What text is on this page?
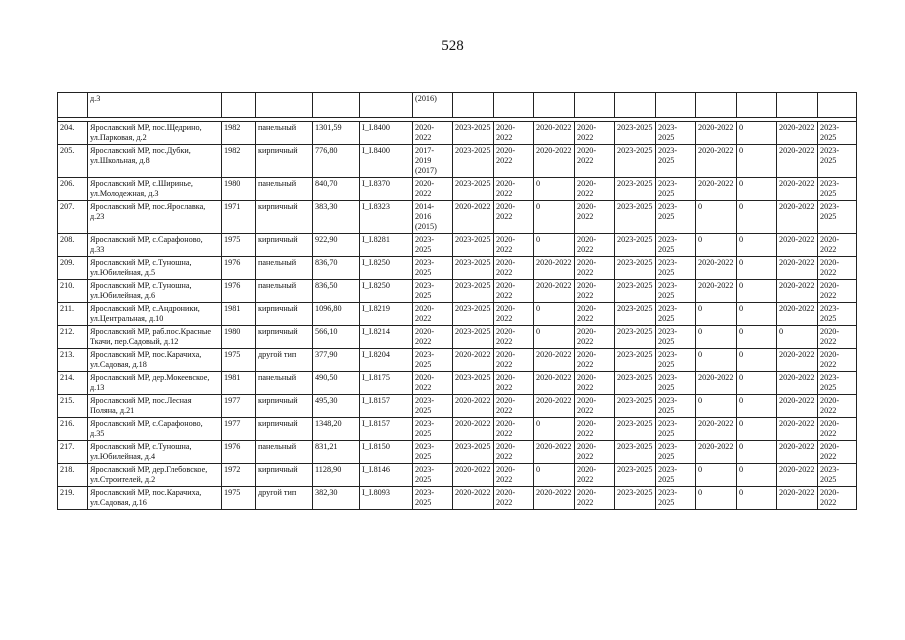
528
	д.3					(2016)										

204.	Ярославский МР, пос.Щедрино, ул.Парковая, д.2	1982	панельный	1301,59	I_I.8400	2020-2022	2023-2025	2020-2022	2020-2022	2020-2022	2023-2025	2023-2025	2020-2022	0	2020-2022	2023-2025
205.	Ярославский МР, пос.Дубки, ул.Школьная, д.8	1982	кирпичный	776,80	I_I.8400	2017-2019 (2017)	2023-2025	2020-2022	2020-2022	2020-2022	2023-2025	2023-2025	2020-2022	0	2020-2022	2023-2025
206.	Ярославский МР, с.Ширинье, ул.Молодежная, д.3	1980	панельный	840,70	I_I.8370	2020-2022	2023-2025	2020-2022	0	2020-2022	2023-2025	2023-2025	2020-2022	0	2020-2022	2023-2025
207.	Ярославский МР, пос.Ярославка, д.23	1971	кирпичный	383,30	I_I.8323	2014-2016 (2015)	2020-2022	2020-2022	0	2020-2022	2023-2025	2023-2025	0	0	2020-2022	2023-2025
208.	Ярославский МР, с.Сарафоново, д.33	1975	кирпичный	922,90	I_I.8281	2023-2025	2023-2025	2020-2022	0	2020-2022	2023-2025	2023-2025	0	0	2020-2022	2020-2022
209.	Ярославский МР, с.Туношна, ул.Юбилейная, д.5	1976	панельный	836,70	I_I.8250	2023-2025	2023-2025	2020-2022	2020-2022	2020-2022	2023-2025	2023-2025	2020-2022	0	2020-2022	2020-2022
210.	Ярославский МР, с.Туношна, ул.Юбилейная, д.6	1976	панельный	836,50	I_I.8250	2023-2025	2023-2025	2020-2022	2020-2022	2020-2022	2023-2025	2023-2025	2020-2022	0	2020-2022	2020-2022
211.	Ярославский МР, с.Андроники, ул.Центральная, д.10	1981	кирпичный	1096,80	I_I.8219	2020-2022	2023-2025	2020-2022	0	2020-2022	2023-2025	2023-2025	0	0	2020-2022	2023-2025
212.	Ярославский МР, раб.пос.Красные Ткачи, пер.Садовый, д.12	1980	кирпичный	566,10	I_I.8214	2020-2022	2023-2025	2020-2022	0	2020-2022	2023-2025	2023-2025	0	0	0	2020-2022
213.	Ярославский МР, пос.Карачиха, ул.Садовая, д.18	1975	другой тип	377,90	I_I.8204	2023-2025	2020-2022	2020-2022	2020-2022	2020-2022	2023-2025	2023-2025	0	0	2020-2022	2020-2022
214.	Ярославский МР, дер.Мокеевское, д.13	1981	панельный	490,50	I_I.8175	2020-2022	2023-2025	2020-2022	2020-2022	2020-2022	2023-2025	2023-2025	2020-2022	0	2020-2022	2023-2025
215.	Ярославский МР, пос.Лесная Поляна, д.21	1977	кирпичный	495,30	I_I.8157	2023-2025	2020-2022	2020-2022	2020-2022	2020-2022	2023-2025	2023-2025	0	0	2020-2022	2020-2022
216.	Ярославский МР, с.Сарафоново, д.35	1977	кирпичный	1348,20	I_I.8157	2023-2025	2020-2022	2020-2022	0	2020-2022	2023-2025	2023-2025	2020-2022	0	2020-2022	2020-2022
217.	Ярославский МР, с.Туношна, ул.Юбилейная, д.4	1976	панельный	831,21	I_I.8150	2023-2025	2023-2025	2020-2022	2020-2022	2020-2022	2023-2025	2023-2025	2020-2022	0	2020-2022	2020-2022
218.	Ярославский МР, дер.Глебовское, ул.Строителей, д.2	1972	кирпичный	1128,90	I_I.8146	2023-2025	2020-2022	2020-2022	0	2020-2022	2023-2025	2023-2025	0	0	2020-2022	2023-2025
219.	Ярославский МР, пос.Карачиха, ул.Садовая, д.16	1975	другой тип	382,30	I_I.8093	2023-2025	2020-2022	2020-2022	2020-2022	2020-2022	2023-2025	2023-2025	0	0	2020-2022	2020-2022
